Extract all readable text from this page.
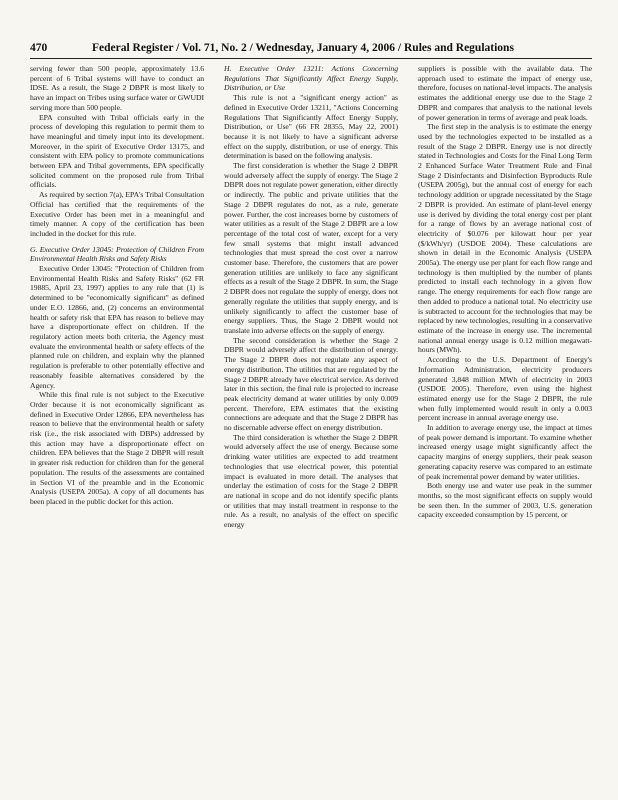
470	Federal Register / Vol. 71, No. 2 / Wednesday, January 4, 2006 / Rules and Regulations

serving fewer than 500 people, approximately 13.6 percent of 6 Tribal systems will have to conduct an IDSE. As a result, the Stage 2 DBPR is most likely to have an impact on Tribes using surface water or GWUDI serving more than 500 people.

EPA consulted with Tribal officials early in the process of developing this regulation to permit them to have meaningful and timely input into its development. Moreover, in the spirit of Executive Order 13175, and consistent with EPA policy to promote communications between EPA and Tribal governments, EPA specifically solicited comment on the proposed rule from Tribal officials.

As required by section 7(a), EPA's Tribal Consultation Official has certified that the requirements of the Executive Order has been met in a meaningful and timely manner. A copy of the certification has been included in the docket for this rule.

G. Executive Order 13045: Protection of Children From Environmental Health Risks and Safety Risks

Executive Order 13045: "Protection of Children from Environmental Health Risks and Safety Risks" (62 FR 19885, April 23, 1997) applies to any rule that (1) is determined to be "economically significant" as defined under E.O. 12866, and, (2) concerns an environmental health or safety risk that EPA has reason to believe may have a disproportionate effect on children. If the regulatory action meets both criteria, the Agency must evaluate the environmental health or safety effects of the planned rule on children, and explain why the planned regulation is preferable to other potentially effective and reasonably feasible alternatives considered by the Agency.

While this final rule is not subject to the Executive Order because it is not economically significant as defined in Executive Order 12866, EPA nevertheless has reason to believe that the environmental health or safety risk (i.e., the risk associated with DBPs) addressed by this action may have a disproportionate effect on children. EPA believes that the Stage 2 DBPR will result in greater risk reduction for children than for the general population. The results of the assessments are contained in Section VI of the preamble and in the Economic Analysis (USEPA 2005a). A copy of all documents has been placed in the public docket for this action.

H. Executive Order 13211: Actions Concerning Regulations That Significantly Affect Energy Supply, Distribution, or Use

This rule is not a "significant energy action" as defined in Executive Order 13211, "Actions Concerning Regulations That Significantly Affect Energy Supply, Distribution, or Use" (66 FR 28355, May 22, 2001) because it is not likely to have a significant adverse effect on the supply, distribution, or use of energy. This determination is based on the following analysis.

The first consideration is whether the Stage 2 DBPR would adversely affect the supply of energy. The Stage 2 DBPR does not regulate power generation, either directly or indirectly. The public and private utilities that the Stage 2 DBPR regulates do not, as a rule, generate power. Further, the cost increases borne by customers of water utilities as a result of the Stage 2 DBPR are a low percentage of the total cost of water, except for a very few small systems that might install advanced technologies that must spread the cost over a narrow customer base. Therefore, the customers that are power generation utilities are unlikely to face any significant effects as a result of the Stage 2 DBPR. In sum, the Stage 2 DBPR does not regulate the supply of energy, does not generally regulate the utilities that supply energy, and is unlikely significantly to affect the customer base of energy suppliers. Thus, the Stage 2 DBPR would not translate into adverse effects on the supply of energy.

The second consideration is whether the Stage 2 DBPR would adversely affect the distribution of energy. The Stage 2 DBPR does not regulate any aspect of energy distribution. The utilities that are regulated by the Stage 2 DBPR already have electrical service. As derived later in this section, the final rule is projected to increase peak electricity demand at water utilities by only 0.009 percent. Therefore, EPA estimates that the existing connections are adequate and that the Stage 2 DBPR has no discernable adverse effect on energy distribution.

The third consideration is whether the Stage 2 DBPR would adversely affect the use of energy. Because some drinking water utilities are expected to add treatment technologies that use electrical power, this potential impact is evaluated in more detail. The analyses that underlay the estimation of costs for the Stage 2 DBPR are national in scope and do not identify specific plants or utilities that may install treatment in response to the rule. As a result, no analysis of the effect on specific energy

suppliers is possible with the available data. The approach used to estimate the impact of energy use, therefore, focuses on national-level impacts. The analysis estimates the additional energy use due to the Stage 2 DBPR and compares that analysis to the national levels of power generation in terms of average and peak loads.

The first step in the analysis is to estimate the energy used by the technologies expected to be installed as a result of the Stage 2 DBPR. Energy use is not directly stated in Technologies and Costs for the Final Long Term 2 Enhanced Surface Water Treatment Rule and Final Stage 2 Disinfectants and Disinfection Byproducts Rule (USEPA 2005g), but the annual cost of energy for each technology addition or upgrade necessitated by the Stage 2 DBPR is provided. An estimate of plant-level energy use is derived by dividing the total energy cost per plant for a range of flows by an average national cost of electricity of $0.076 per kilowatt hour per year ($/kWh/yr) (USDOE 2004). These calculations are shown in detail in the Economic Analysis (USEPA 2005a). The energy use per plant for each flow range and technology is then multiplied by the number of plants predicted to install each technology in a given flow range. The energy requirements for each flow range are then added to produce a national total. No electricity use is subtracted to account for the technologies that may be replaced by new technologies, resulting in a conservative estimate of the increase in energy use. The incremental national annual energy usage is 0.12 million megawatt-hours (MWh).

According to the U.S. Department of Energy's Information Administration, electricity producers generated 3,848 million MWh of electricity in 2003 (USDOE 2005). Therefore, even using the highest estimated energy use for the Stage 2 DBPR, the rule when fully implemented would result in only a 0.003 percent increase in annual average energy use.

In addition to average energy use, the impact at times of peak power demand is important. To examine whether increased energy usage might significantly affect the capacity margins of energy suppliers, their peak season generating capacity reserve was compared to an estimate of peak incremental power demand by water utilities.

Both energy use and water use peak in the summer months, so the most significant effects on supply would be seen then. In the summer of 2003, U.S. generation capacity exceeded consumption by 15 percent, or
